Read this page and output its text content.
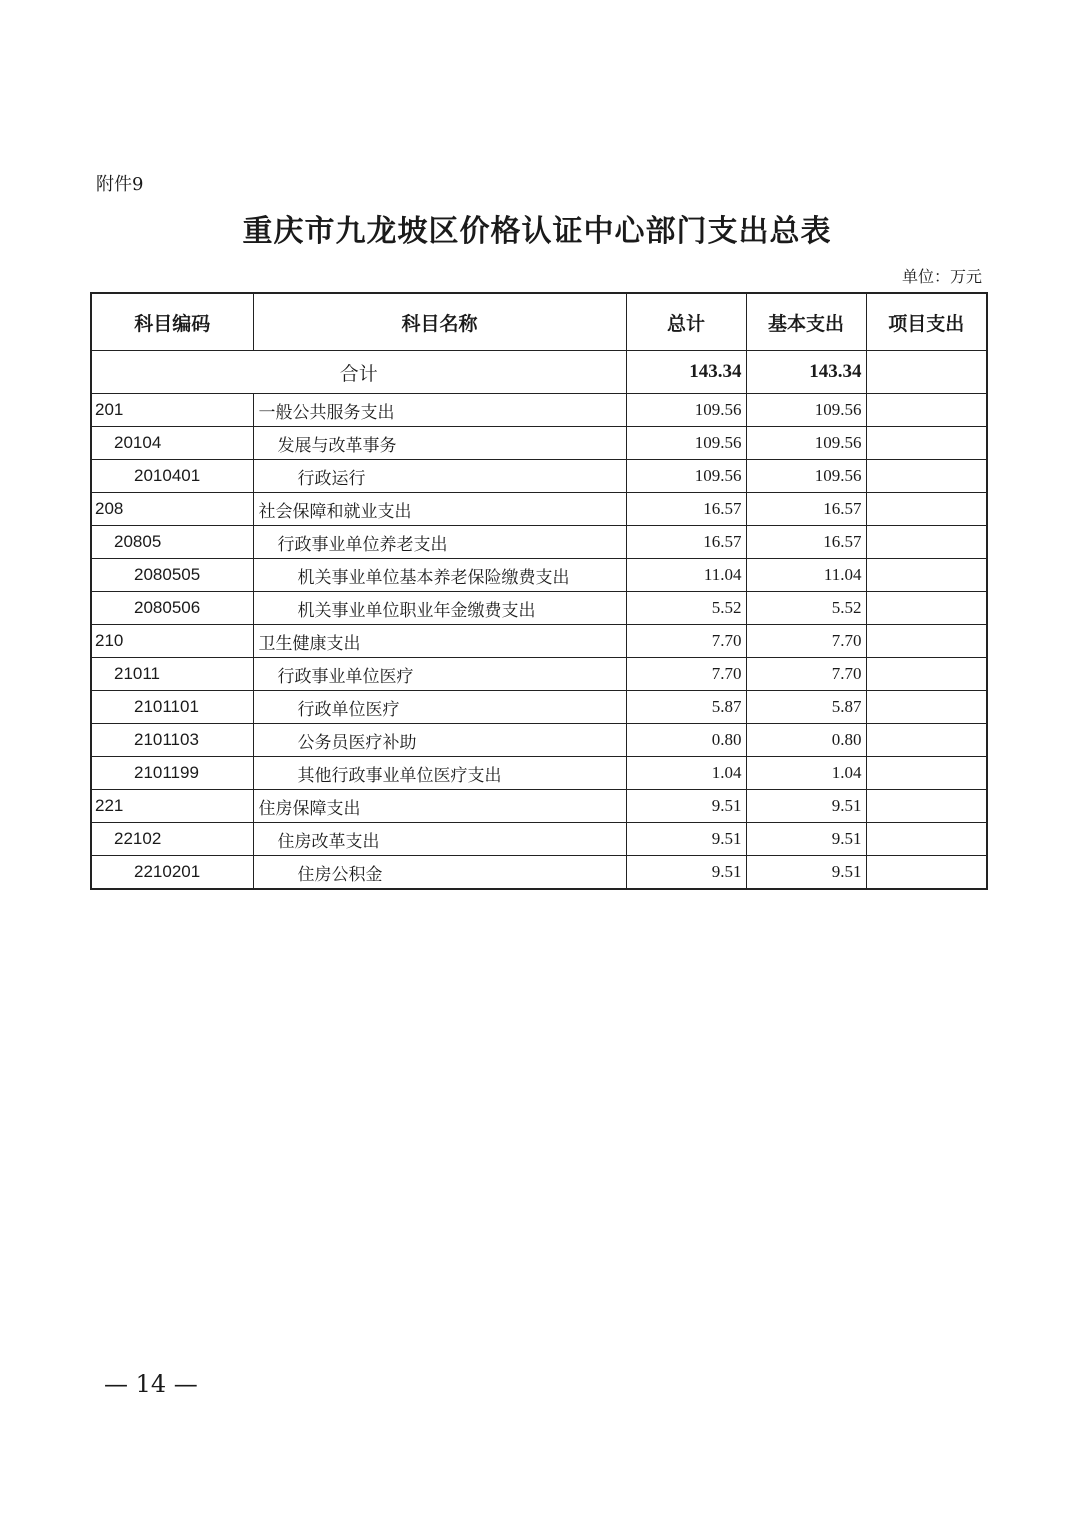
附件9
重庆市九龙坡区价格认证中心部门支出总表
单位：万元
科目编码	科目名称	总计	基本支出	项目支出
合计		143.34	143.34	
201	一般公共服务支出	109.56	109.56	
20104	发展与改革事务	109.56	109.56	
2010401	行政运行	109.56	109.56	
208	社会保障和就业支出	16.57	16.57	
20805	行政事业单位养老支出	16.57	16.57	
2080505	机关事业单位基本养老保险缴费支出	11.04	11.04	
2080506	机关事业单位职业年金缴费支出	5.52	5.52	
210	卫生健康支出	7.70	7.70	
21011	行政事业单位医疗	7.70	7.70	
2101101	行政单位医疗	5.87	5.87	
2101103	公务员医疗补助	0.80	0.80	
2101199	其他行政事业单位医疗支出	1.04	1.04	
221	住房保障支出	9.51	9.51	
22102	住房改革支出	9.51	9.51	
2210201	住房公积金	9.51	9.51	
— 14 —
